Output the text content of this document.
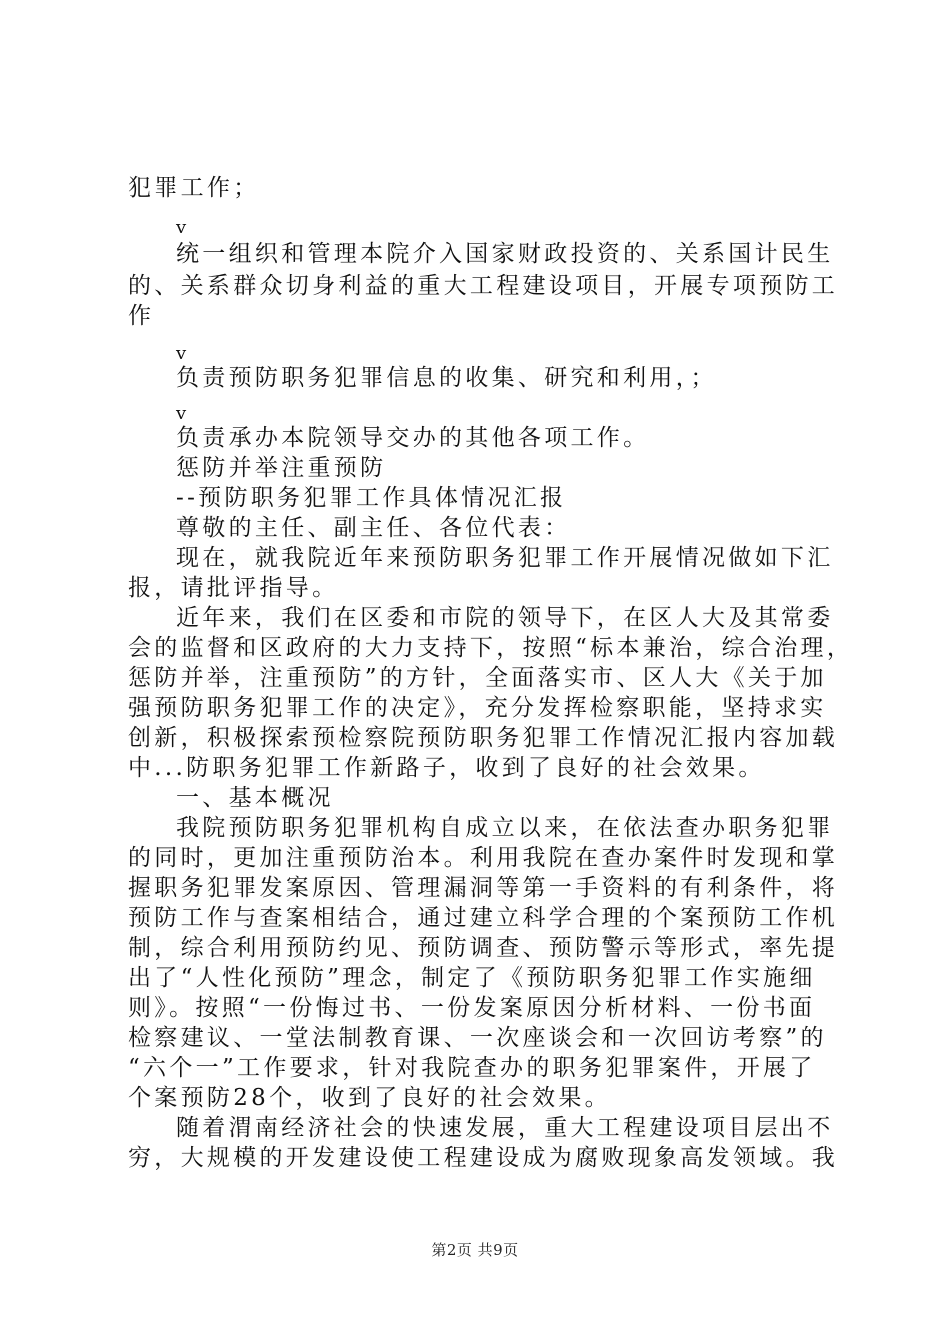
犯罪工作；
v
统一组织和管理本院介入国家财政投资的、关系国计民生
的、关系群众切身利益的重大工程建设项目，开展专项预防工
作
v
负责预防职务犯罪信息的收集、研究和利用，；
v
负责承办本院领导交办的其他各项工作。
惩防并举注重预防
--预防职务犯罪工作具体情况汇报
尊敬的主任、副主任、各位代表：
现在，就我院近年来预防职务犯罪工作开展情况做如下汇
报，请批评指导。
近年来，我们在区委和市院的领导下，在区人大及其常委
会的监督和区政府的大力支持下，按照“标本兼治，综合治理，
惩防并举，注重预防”的方针，全面落实市、区人大《关于加
强预防职务犯罪工作的决定》，充分发挥检察职能，坚持求实
创新，积极探索预检察院预防职务犯罪工作情况汇报内容加载
中...防职务犯罪工作新路子，收到了良好的社会效果。
一、基本概况
我院预防职务犯罪机构自成立以来，在依法查办职务犯罪
的同时，更加注重预防治本。利用我院在查办案件时发现和掌
握职务犯罪发案原因、管理漏洞等第一手资料的有利条件，将
预防工作与查案相结合，通过建立科学合理的个案预防工作机
制，综合利用预防约见、预防调查、预防警示等形式，率先提
出了“人性化预防”理念，制定了《预防职务犯罪工作实施细
则》。按照“一份悔过书、一份发案原因分析材料、一份书面
检察建议、一堂法制教育课、一次座谈会和一次回访考察”的
“六个一”工作要求，针对我院查办的职务犯罪案件，开展了
个案预防28个，收到了良好的社会效果。
随着渭南经济社会的快速发展，重大工程建设项目层出不
穷，大规模的开发建设使工程建设成为腐败现象高发领域。我
第2页 共9页
